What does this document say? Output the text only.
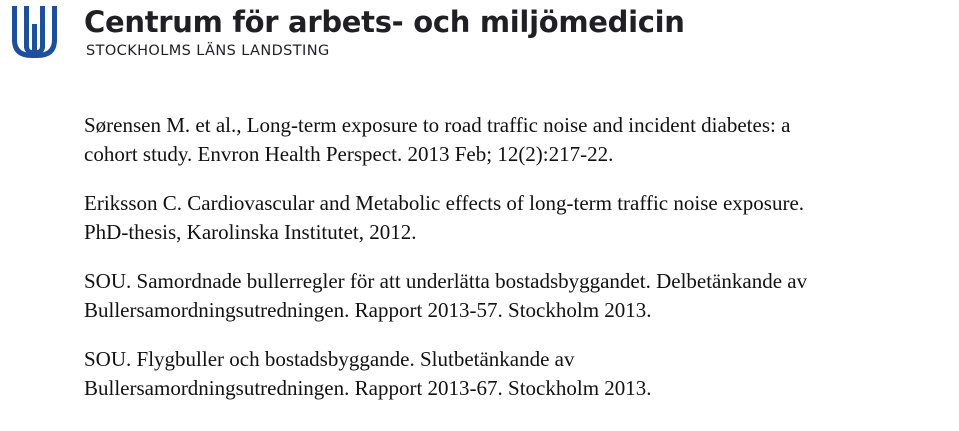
Centrum för arbets- och miljömedicin
STOCKHOLMS LÄNS LANDSTING
Sørensen M. et al., Long-term exposure to road traffic noise and incident diabetes: a
cohort study. Envron Health Perspect. 2013 Feb; 12(2):217-22.
Eriksson C. Cardiovascular and Metabolic effects of long-term traffic noise exposure.
PhD-thesis, Karolinska Institutet, 2012.
SOU. Samordnade bullerregler för att underlätta bostadsbyggandet. Delbetänkande av
Bullersamordningsutredningen. Rapport 2013-57. Stockholm 2013.
SOU. Flygbuller och bostadsbyggande. Slutbetänkande av
Bullersamordningsutredningen. Rapport 2013-67. Stockholm 2013.
